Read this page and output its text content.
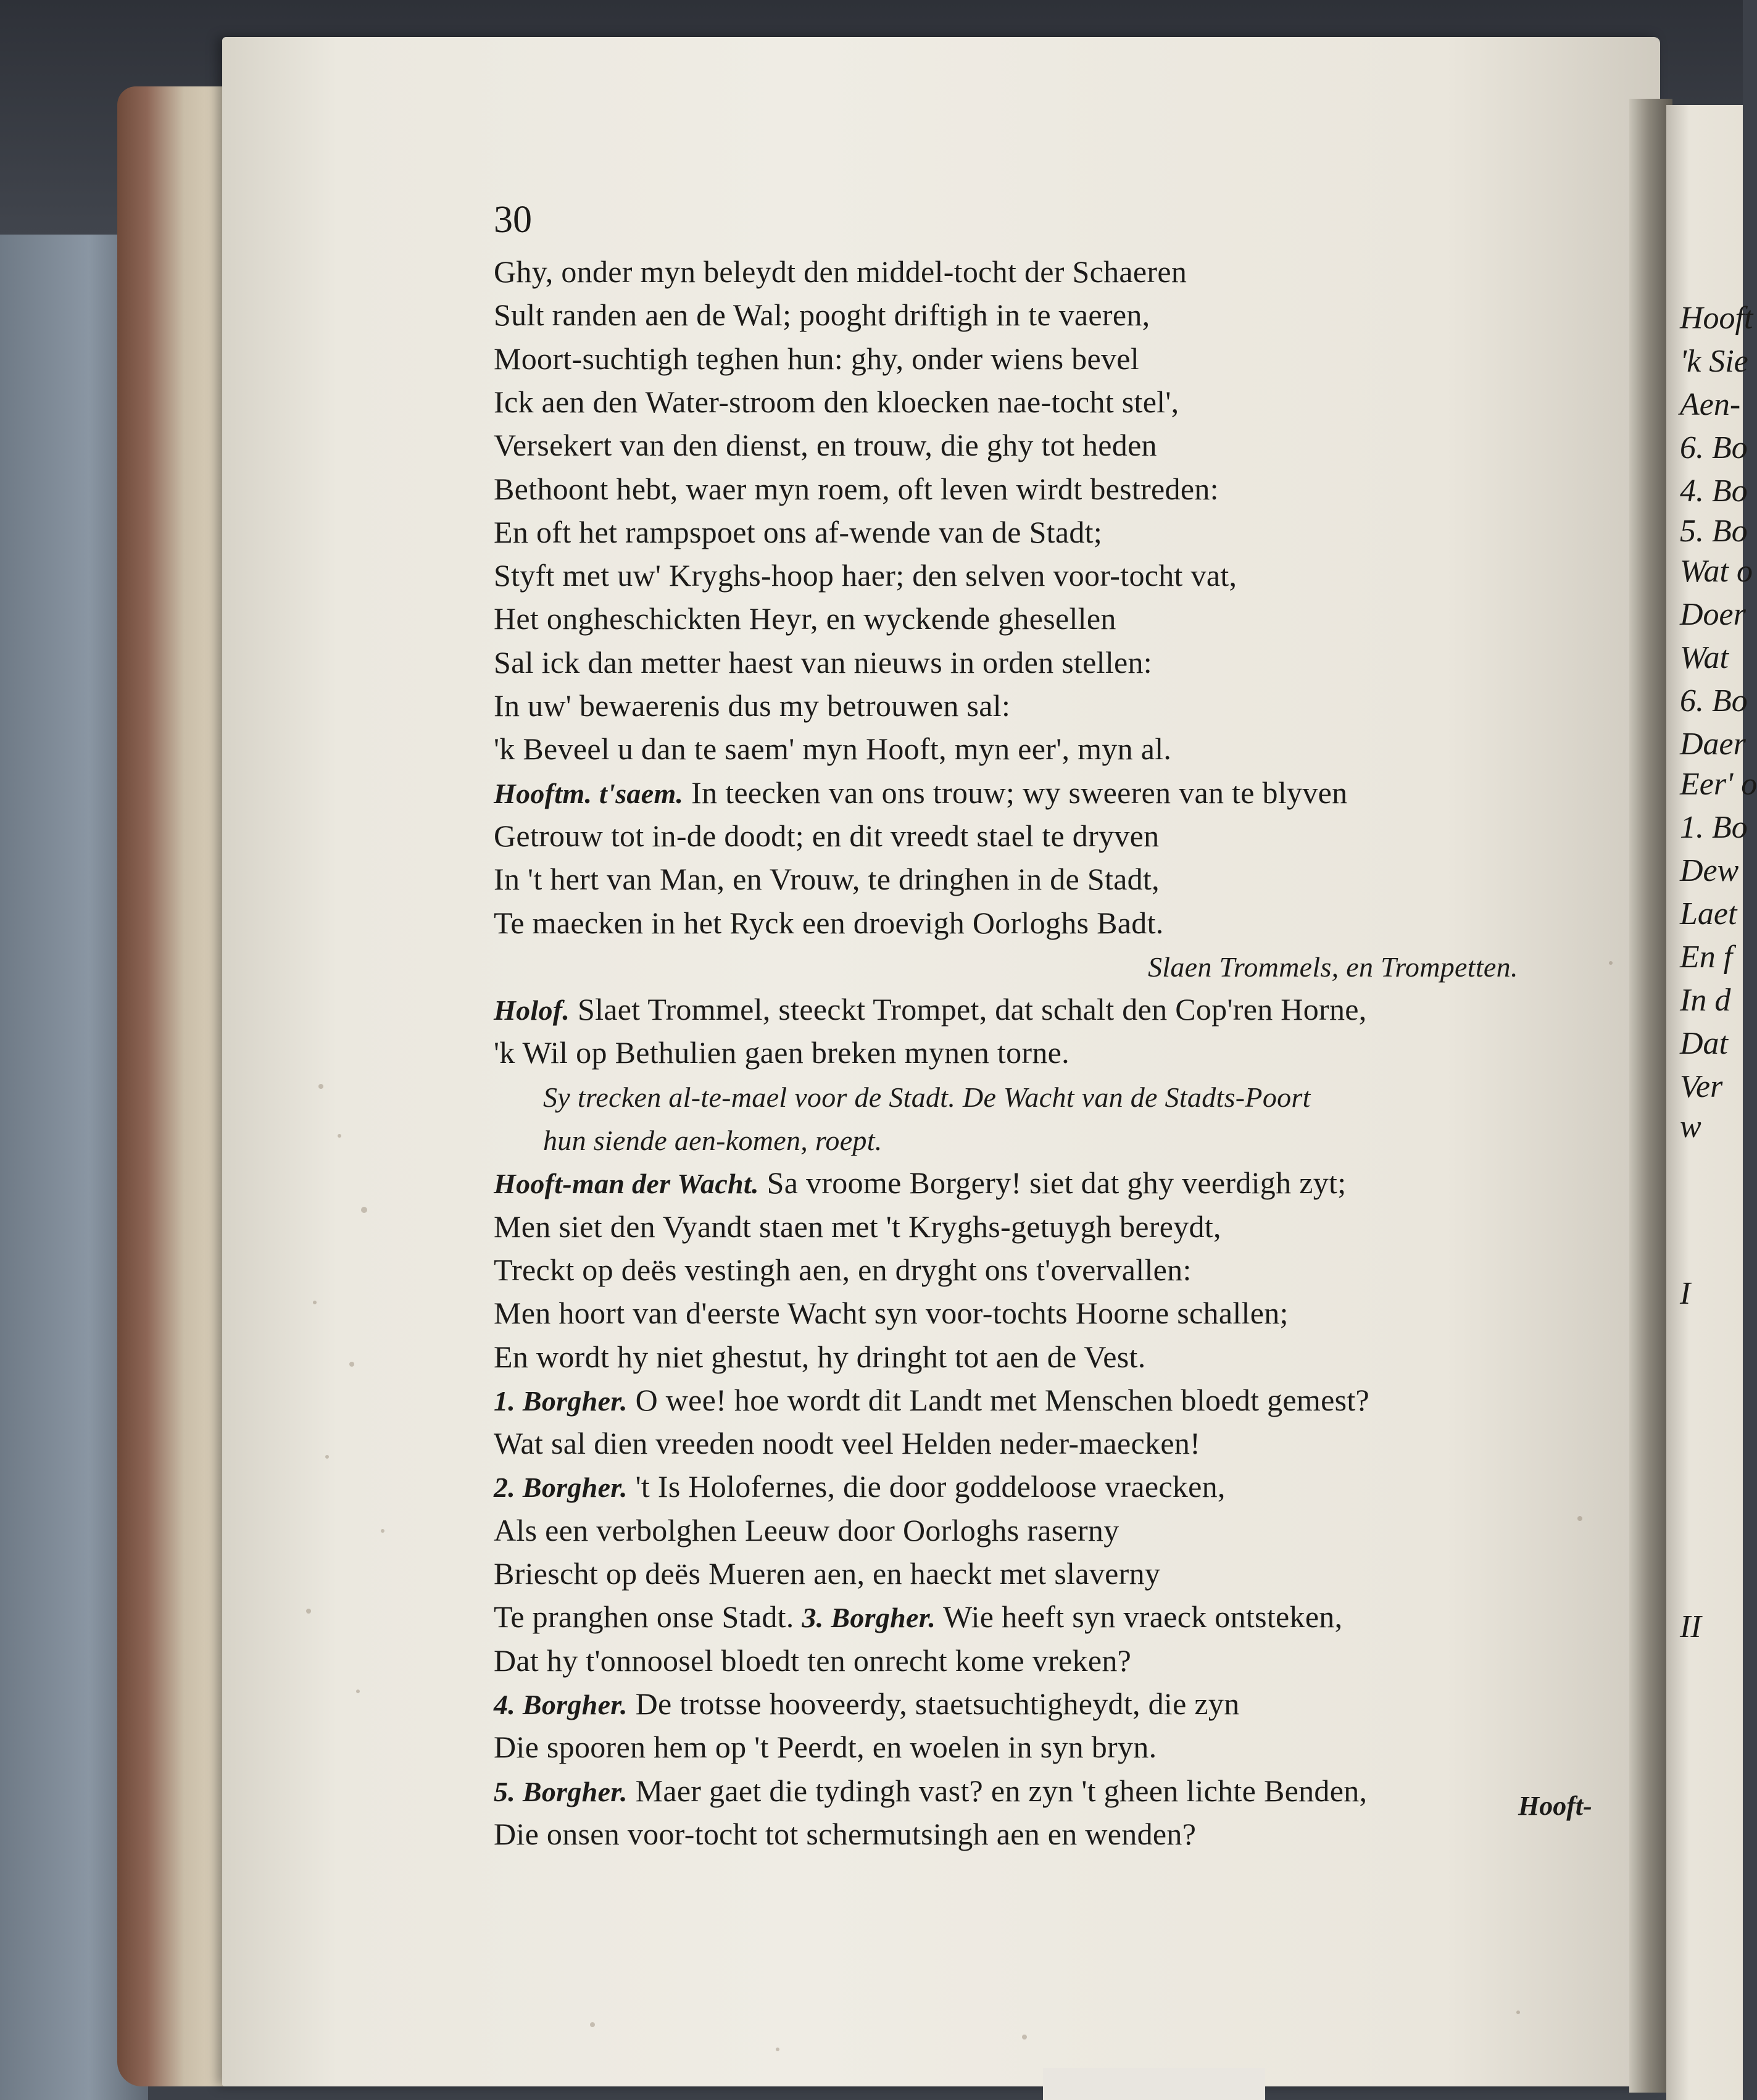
Hooft
'k Sie
Aen-
6. Bo
4. Bo
5. Bo
Wat o
Doer
Wat
6. Bo
Daer
Eer' o
1. Bo
Dew
Laet
En f
In d
Dat
Ver
w
I
II
30
Ghy, onder myn beleydt den middel-tocht der Schaeren
Sult randen aen de Wal; pooght driftigh in te vaeren,
Moort-suchtigh teghen hun: ghy, onder wiens bevel
Ick aen den Water-stroom den kloecken nae-tocht stel',
Versekert van den dienst, en trouw, die ghy tot heden
Bethoont hebt, waer myn roem, oft leven wirdt bestreden:
En oft het rampspoet ons af-wende van de Stadt;
Styft met uw' Kryghs-hoop haer; den selven voor-tocht vat,
Het ongheschickten Heyr, en wyckende ghesellen
Sal ick dan metter haest van nieuws in orden stellen:
In uw' bewaerenis dus my betrouwen sal:
'k Beveel u dan te saem' myn Hooft, myn eer', myn al.
Hooftm. t'saem. In teecken van ons trouw; wy sweeren van te blyven
Getrouw tot in-de doodt; en dit vreedt stael te dryven
In 't hert van Man, en Vrouw, te dringhen in de Stadt,
Te maecken in het Ryck een droevigh Oorloghs Badt.
Slaen Trommels, en Trompetten.
Holof. Slaet Trommel, steeckt Trompet, dat schalt den Cop'ren Horne,
'k Wil op Bethulien gaen breken mynen torne.
Sy trecken al-te-mael voor de Stadt. De Wacht van de Stadts-Poort
hun siende aen-komen, roept.
Hooft-man der Wacht. Sa vroome Borgery! siet dat ghy veerdigh zyt;
Men siet den Vyandt staen met 't Kryghs-getuygh bereydt,
Treckt op deës vestingh aen, en dryght ons t'overvallen:
Men hoort van d'eerste Wacht syn voor-tochts Hoorne schallen;
En wordt hy niet ghestut, hy dringht tot aen de Vest.
1. Borgher. O wee! hoe wordt dit Landt met Menschen bloedt gemest?
Wat sal dien vreeden noodt veel Helden neder-maecken!
2. Borgher. 't Is Holofernes, die door goddeloose vraecken,
Als een verbolghen Leeuw door Oorloghs raserny
Briescht op deës Mueren aen, en haeckt met slaverny
Te pranghen onse Stadt. 3. Borgher. Wie heeft syn vraeck ontsteken,
Dat hy t'onnoosel bloedt ten onrecht kome vreken?
4. Borgher. De trotsse hooveerdy, staetsuchtigheydt, die zyn
Die spooren hem op 't Peerdt, en woelen in syn bryn.
5. Borgher. Maer gaet die tydingh vast? en zyn 't gheen lichte Benden,
Die onsen voor-tocht tot schermutsingh aen en wenden?
Hooft-
